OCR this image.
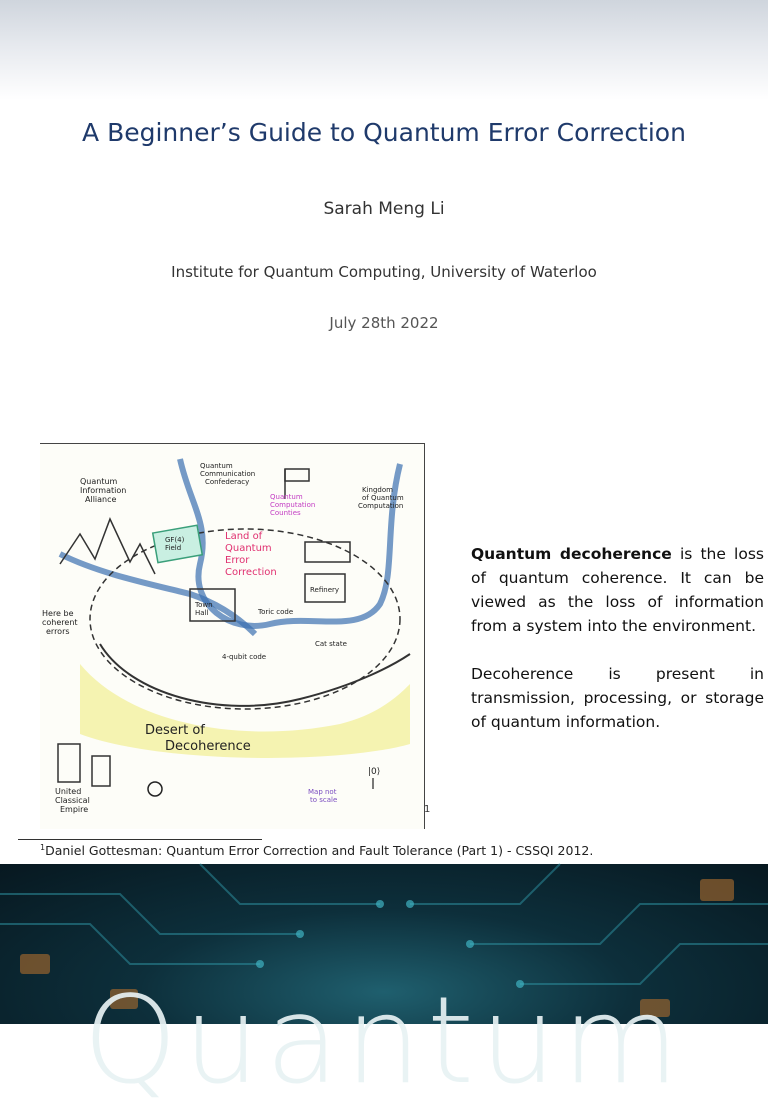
A Beginner’s Guide to Quantum Error Correction
Sarah Meng Li
Institute for Quantum Computing, University of Waterloo
July 28th 2022
Quantum
Information
Alliance
Quantum
Communication
Confederacy
Kingdom
of Quantum
Computation
Quantum
Computation
Counties
Land of
Quantum
Error
Correction
GF(4)
Field
Town
Hall	Toric code
Refinery
Cat state
4-qubit code
Here be
coherent
errors
Desert of
Decoherence
United
Classical
Empire
Map not
to scale
|0⟩
1

Quantum decoherence is the loss of quantum coherence. It can be viewed as the loss of information from a system into the environment.

Decoherence is present in transmission, processing, or storage of quantum information.

$^1$Daniel Gottesman: Quantum Error Correction and Fault Tolerance (Part 1) - CSSQI 2012.
Quantum
